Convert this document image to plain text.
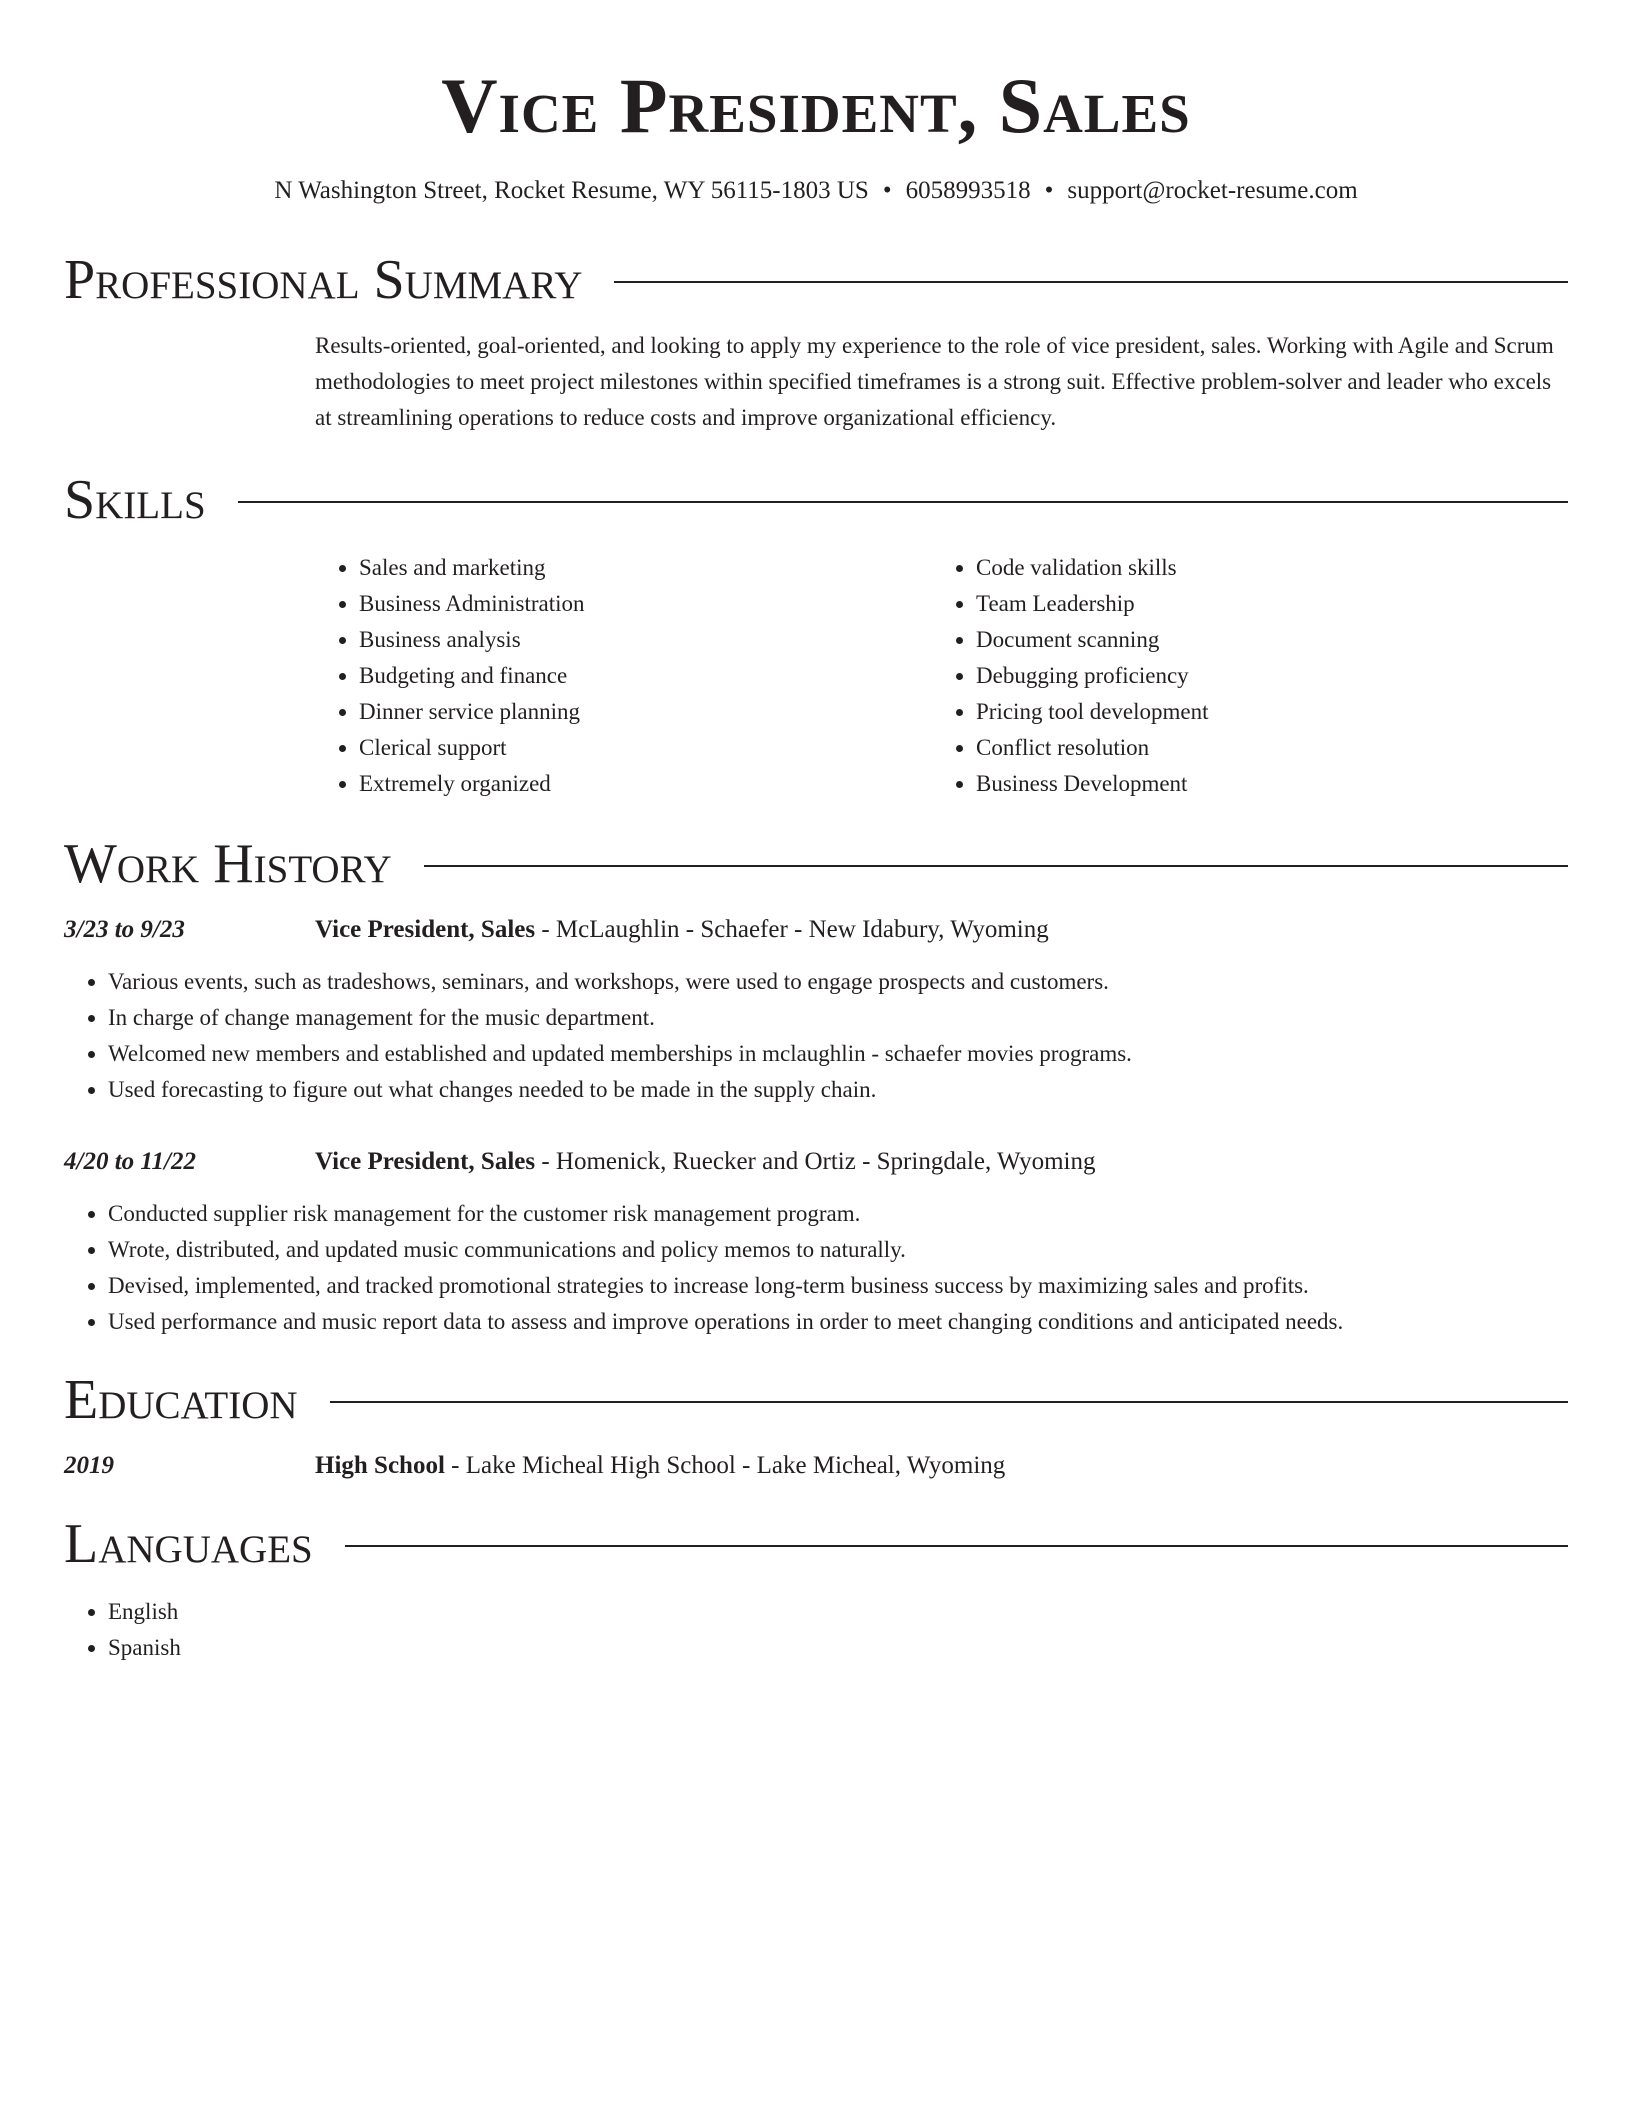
Vice President, Sales
N Washington Street, Rocket Resume, WY 56115-1803 US • 6058993518 • support@rocket-resume.com
Professional Summary
Results-oriented, goal-oriented, and looking to apply my experience to the role of vice president, sales. Working with Agile and Scrum methodologies to meet project milestones within specified timeframes is a strong suit. Effective problem-solver and leader who excels at streamlining operations to reduce costs and improve organizational efficiency.
Skills
• Sales and marketing
• Business Administration
• Business analysis
• Budgeting and finance
• Dinner service planning
• Clerical support
• Extremely organized
• Code validation skills
• Team Leadership
• Document scanning
• Debugging proficiency
• Pricing tool development
• Conflict resolution
• Business Development
Work History
3/23 to 9/23	Vice President, Sales - McLaughlin - Schaefer - New Idabury, Wyoming
• Various events, such as tradeshows, seminars, and workshops, were used to engage prospects and customers.
• In charge of change management for the music department.
• Welcomed new members and established and updated memberships in mclaughlin - schaefer movies programs.
• Used forecasting to figure out what changes needed to be made in the supply chain.
4/20 to 11/22	Vice President, Sales - Homenick, Ruecker and Ortiz - Springdale, Wyoming
• Conducted supplier risk management for the customer risk management program.
• Wrote, distributed, and updated music communications and policy memos to naturally.
• Devised, implemented, and tracked promotional strategies to increase long-term business success by maximizing sales and profits.
• Used performance and music report data to assess and improve operations in order to meet changing conditions and anticipated needs.
Education
2019	High School - Lake Micheal High School - Lake Micheal, Wyoming
Languages
• English
• Spanish
